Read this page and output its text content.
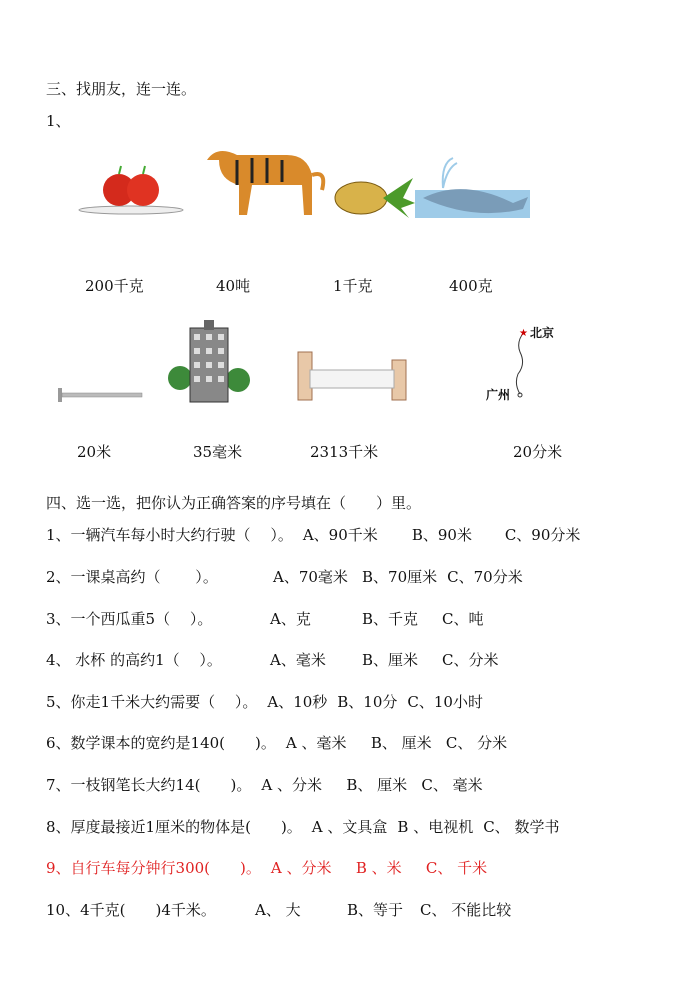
三、找朋友，连一连。
1、
200千克	40吨	1千克	400克
★ 北京
广州
20米	35毫米	2313千米	20分米
四、选一选，把你认为正确答案的序号填在（　　）里。
1、一辆汽车每小时大约行驶（　 ）。 A、90千米	B、90米	C、90分米
2、一课桌高约（　　 ）。	A、70毫米 B、70厘米 C、70分米
3、一个西瓜重5（　 ）。	A、克	B、千克	C、吨
4、 水杯 的高约1（　 ）。	A、毫米	B、厘米	C、分米
5、你走1千米大约需要（　 ）。 A、10秒 B、10分 C、10小时
6、数学课本的宽约是140(　　)。 A 、毫米	B、 厘米 C、 分米
7、一枝钢笔长大约14(　　)。 A 、分米	B、 厘米 C、 毫米
8、厚度最接近1厘米的物体是(　　)。 A 、文具盒 B 、电视机 C、 数学书
9、自行车每分钟行300(　　)。 A 、分米	B 、米	C、 千米
10、4千克(　　)4千米。	A、 大	B、等于	C、 不能比较
